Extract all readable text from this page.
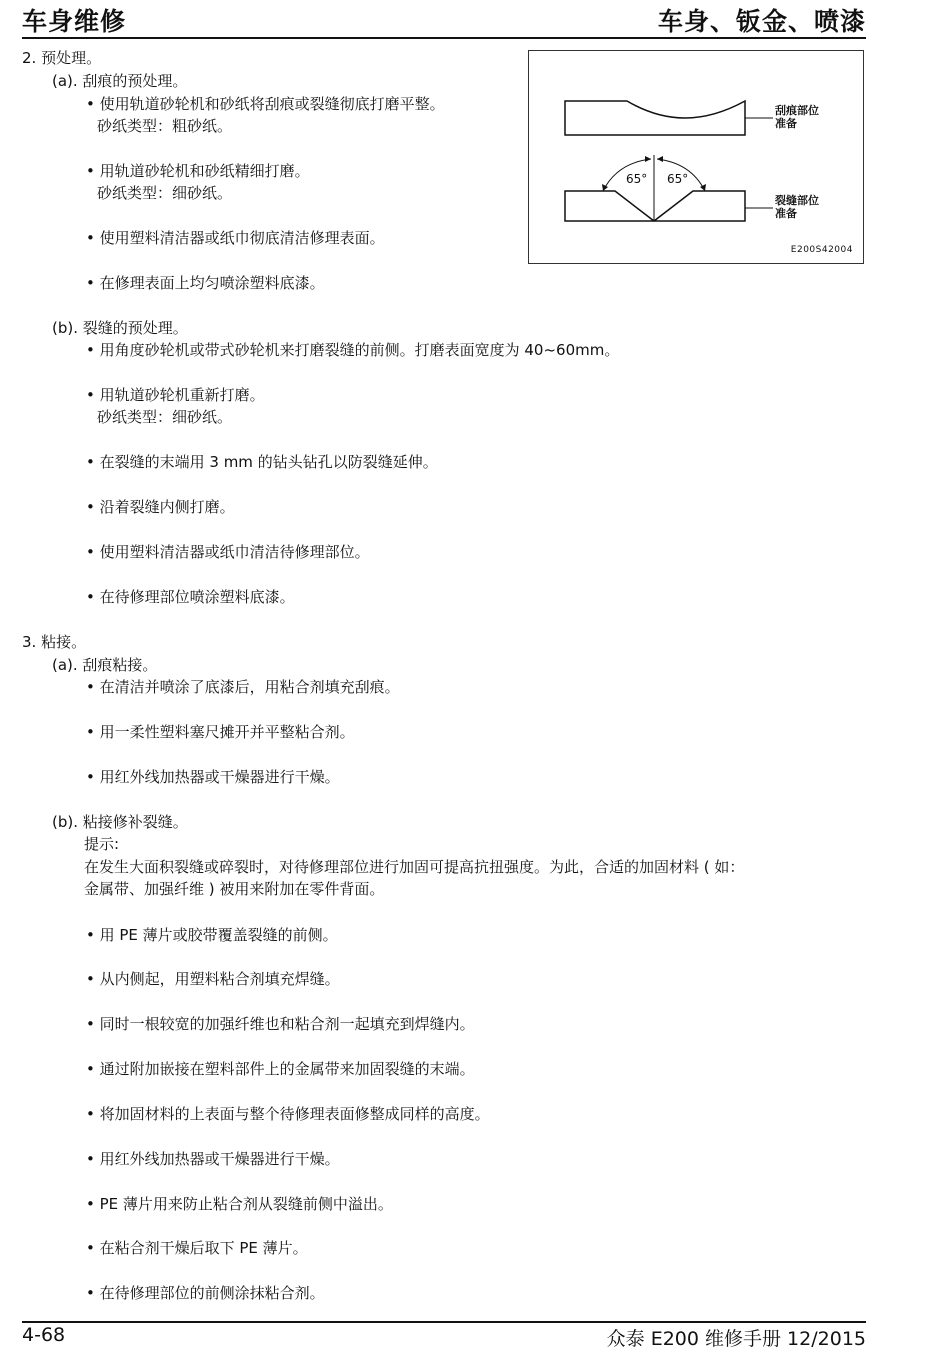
车身维修	车身、钣金、喷漆
65° 65°
刮痕部位准备
裂缝部位准备
E200S42004
2. 预处理。
(a). 刮痕的预处理。
• 使用轨道砂轮机和砂纸将刮痕或裂缝彻底打磨平整。
砂纸类型：粗砂纸。
• 用轨道砂轮机和砂纸精细打磨。
砂纸类型：细砂纸。
• 使用塑料清洁器或纸巾彻底清洁修理表面。
• 在修理表面上均匀喷涂塑料底漆。
(b). 裂缝的预处理。
• 用角度砂轮机或带式砂轮机来打磨裂缝的前侧。打磨表面宽度为 40~60mm。
• 用轨道砂轮机重新打磨。
砂纸类型：细砂纸。
• 在裂缝的末端用 3 mm 的钻头钻孔以防裂缝延伸。
• 沿着裂缝内侧打磨。
• 使用塑料清洁器或纸巾清洁待修理部位。
• 在待修理部位喷涂塑料底漆。
3. 粘接。
(a). 刮痕粘接。
• 在清洁并喷涂了底漆后，用粘合剂填充刮痕。
• 用一柔性塑料塞尺摊开并平整粘合剂。
• 用红外线加热器或干燥器进行干燥。
(b). 粘接修补裂缝。
提示:
在发生大面积裂缝或碎裂时，对待修理部位进行加固可提高抗扭强度。为此，合适的加固材料 ( 如：
金属带、加强纤维 ) 被用来附加在零件背面。
• 用 PE 薄片或胶带覆盖裂缝的前侧。
• 从内侧起，用塑料粘合剂填充焊缝。
• 同时一根较宽的加强纤维也和粘合剂一起填充到焊缝内。
• 通过附加嵌接在塑料部件上的金属带来加固裂缝的末端。
• 将加固材料的上表面与整个待修理表面修整成同样的高度。
• 用红外线加热器或干燥器进行干燥。
• PE 薄片用来防止粘合剂从裂缝前侧中溢出。
• 在粘合剂干燥后取下 PE 薄片。
• 在待修理部位的前侧涂抹粘合剂。
4-68	众泰 E200 维修手册 12/2015
